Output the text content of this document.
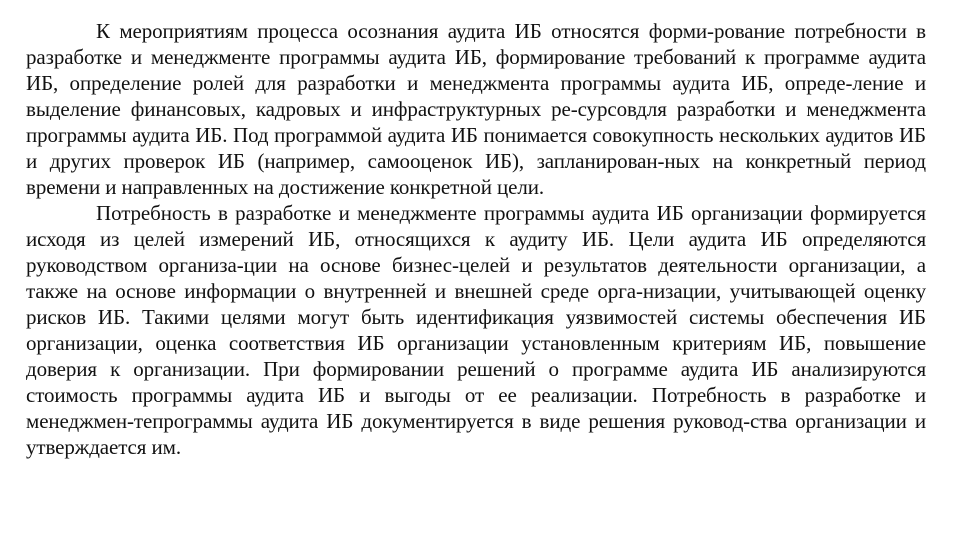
К мероприятиям процесса осознания аудита ИБ относятся форми-рование потребности в разработке и менеджменте программы аудита ИБ, формирование требований к программе аудита ИБ, определение ролей для разработки и менеджмента программы аудита ИБ, опреде-ление и выделение финансовых, кадровых и инфраструктурных ре-сурсовдля разработки и менеджмента программы аудита ИБ. Под программой аудита ИБ понимается совокупность нескольких аудитов ИБ и других проверок ИБ (например, самооценок ИБ), запланирован-ных на конкретный период времени и направленных на достижение конкретной цели.

Потребность в разработке и менеджменте программы аудита ИБ организации формируется исходя из целей измерений ИБ, относящихся к аудиту ИБ. Цели аудита ИБ определяются руководством организа-ции на основе бизнес-целей и результатов деятельности организации, а также на основе информации о внутренней и внешней среде орга-низации, учитывающей оценку рисков ИБ. Такими целями могут быть идентификация уязвимостей системы обеспечения ИБ организации, оценка соответствия ИБ организации установленным критериям ИБ, повышение доверия к организации. При формировании решений о программе аудита ИБ анализируются стоимость программы аудита ИБ и выгоды от ее реализации. Потребность в разработке и менеджмен-тепрограммы аудита ИБ документируется в виде решения руковод-ства организации и утверждается им.
